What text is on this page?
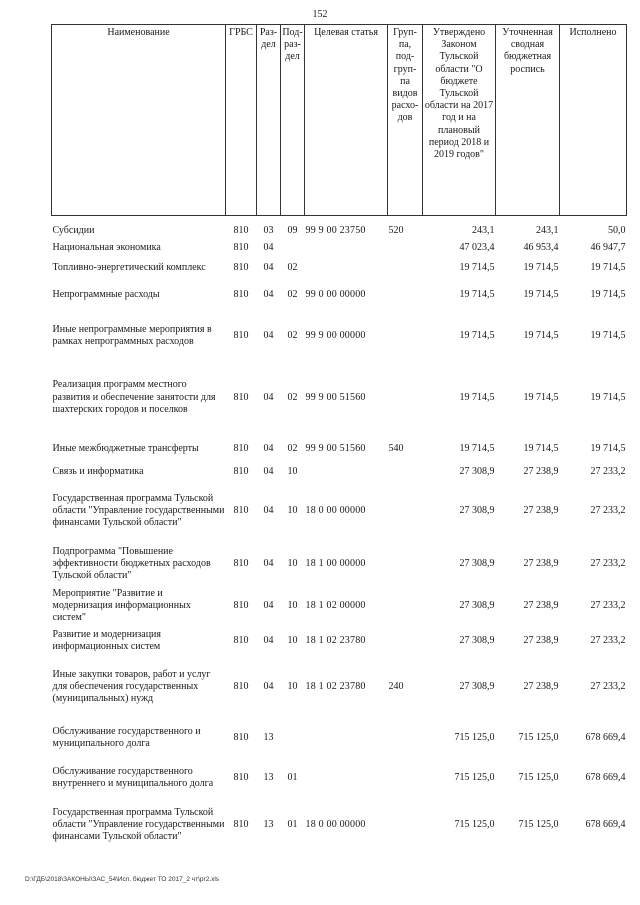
152
Наименование	ГРБС	Раз-дел	Под-раз-дел	Целевая статья	Груп-па, под-груп-па видов расхо-дов	Утверждено Законом Тульской области "О бюджете Тульской области на 2017 год и на плановый период 2018 и 2019 годов"	Уточненная сводная бюджетная роспись	Исполнено
Субсидии	810	03	09	99 9 00 23750	520	243,1	243,1	50,0
Национальная экономика	810	04				47 023,4	46 953,4	46 947,7
Топливно-энергетический комплекс	810	04	02			19 714,5	19 714,5	19 714,5
Непрограммные расходы	810	04	02	99 0 00 00000		19 714,5	19 714,5	19 714,5
Иные непрограммные мероприятия в рамках непрограммных расходов	810	04	02	99 9 00 00000		19 714,5	19 714,5	19 714,5
Реализация программ местного развития и обеспечение занятости для шахтерских городов и поселков	810	04	02	99 9 00 51560		19 714,5	19 714,5	19 714,5
Иные межбюджетные трансферты	810	04	02	99 9 00 51560	540	19 714,5	19 714,5	19 714,5
Связь и информатика	810	04	10			27 308,9	27 238,9	27 233,2
Государственная программа Тульской области "Управление государственными финансами Тульской области"	810	04	10	18 0 00 00000		27 308,9	27 238,9	27 233,2
Подпрограмма "Повышение эффективности бюджетных расходов Тульской области"	810	04	10	18 1 00 00000		27 308,9	27 238,9	27 233,2
Мероприятие "Развитие и модернизация информационных систем"	810	04	10	18 1 02 00000		27 308,9	27 238,9	27 233,2
Развитие и модернизация информационных систем	810	04	10	18 1 02 23780		27 308,9	27 238,9	27 233,2
Иные закупки товаров, работ и услуг для обеспечения государственных (муниципальных) нужд	810	04	10	18 1 02 23780	240	27 308,9	27 238,9	27 233,2
Обслуживание государственного и муниципального долга	810	13				715 125,0	715 125,0	678 669,4
Обслуживание государственного внутреннего и муниципального долга	810	13	01			715 125,0	715 125,0	678 669,4
Государственная программа Тульской области "Управление государственными финансами Тульской области"	810	13	01	18 0 00 00000		715 125,0	715 125,0	678 669,4
D:\ГДБ\2018\ЗАКОНЫ\ЗАС_54\Исп. бюджет ТО 2017_2 чт\pr2.xls
